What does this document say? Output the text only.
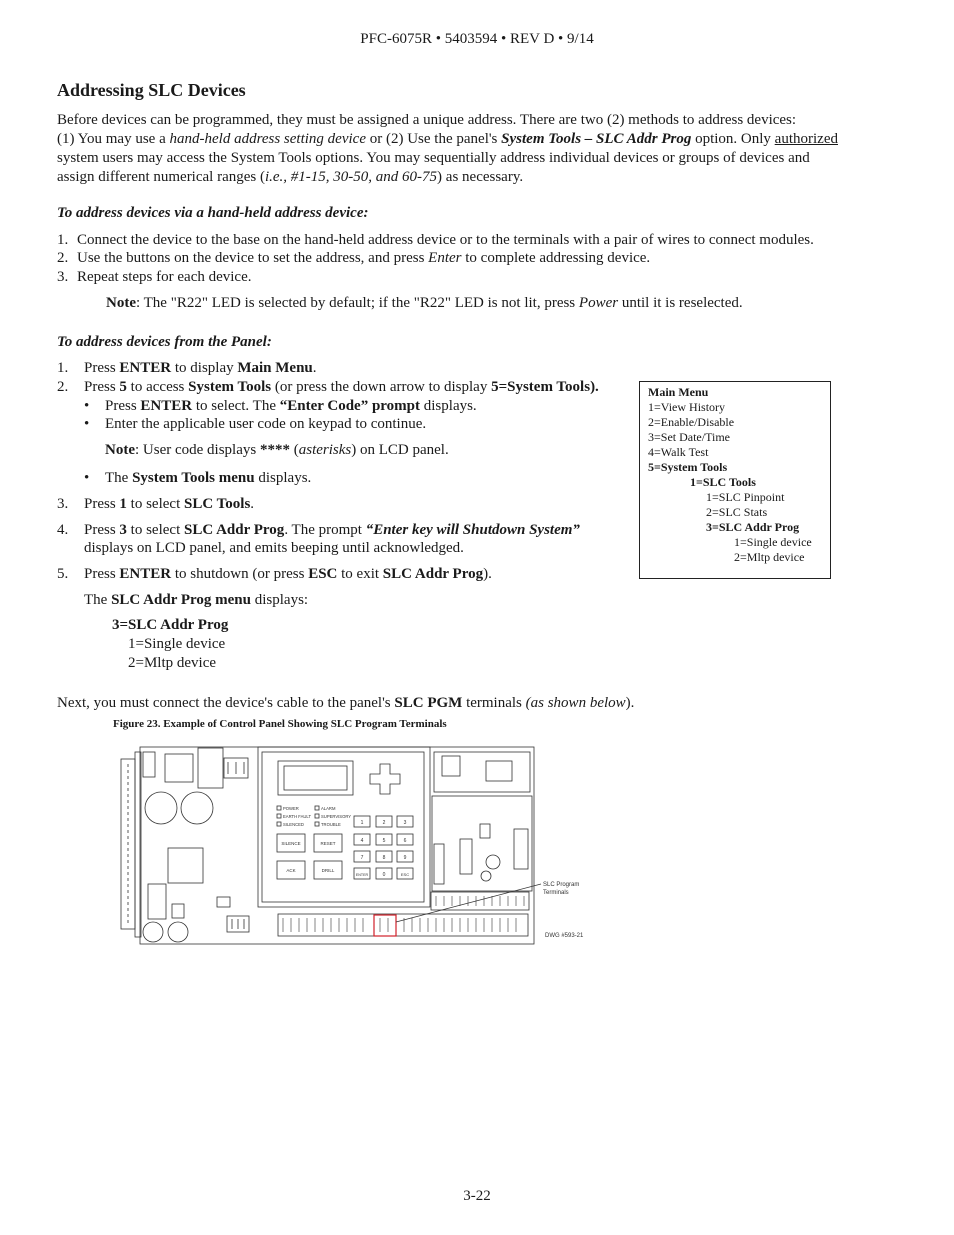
PFC-6075R • 5403594 • REV D • 9/14
Addressing SLC Devices
Before devices can be programmed, they must be assigned a unique address. There are two (2) methods to address devices:
(1) You may use a hand-held address setting device or (2) Use the panel's System Tools – SLC Addr Prog option. Only authorized
system users may access the System Tools options. You may sequentially address individual devices or groups of devices and
assign different numerical ranges (i.e., #1-15, 30-50, and 60-75) as necessary.
To address devices via a hand-held address device:
1. Connect the device to the base on the hand-held address device or to the terminals with a pair of wires to connect modules.
2. Use the buttons on the device to set the address, and press Enter to complete addressing device.
3. Repeat steps for each device.
Note: The "R22" LED is selected by default; if the "R22" LED is not lit, press Power until it is reselected.
To address devices from the Panel:
1. Press ENTER to display Main Menu.
2. Press 5 to access System Tools (or press the down arrow to display 5=System Tools).
• Press ENTER to select. The “Enter Code” prompt displays.
• Enter the applicable user code on keypad to continue.
Note: User code displays **** (asterisks) on LCD panel.
• The System Tools menu displays.
3. Press 1 to select SLC Tools.
4. Press 3 to select SLC Addr Prog. The prompt “Enter key will Shutdown System”
displays on LCD panel, and emits beeping until acknowledged.
5. Press ENTER to shutdown (or press ESC to exit SLC Addr Prog).
The SLC Addr Prog menu displays:
3=SLC Addr Prog
1=Single device
2=Mltp device
Main Menu
1=View History
2=Enable/Disable
3=Set Date/Time
4=Walk Test
5=System Tools
1=SLC Tools
1=SLC Pinpoint
2=SLC Stats
3=SLC Addr Prog
1=Single device
2=Mltp device
Next, you must connect the device's cable to the panel's SLC PGM terminals (as shown below).
Figure 23. Example of Control Panel Showing SLC Program Terminals
POWER
EARTH FAULT
SILENCED
ALARM
SUPERVISORY
TROUBLE
SILENCE	RESET
ACK	DRILL
1	2	3
4	5	6
7	8	9
ENTER	0	ESC
SLC Program
Terminals
DWG #593-21
3-22
